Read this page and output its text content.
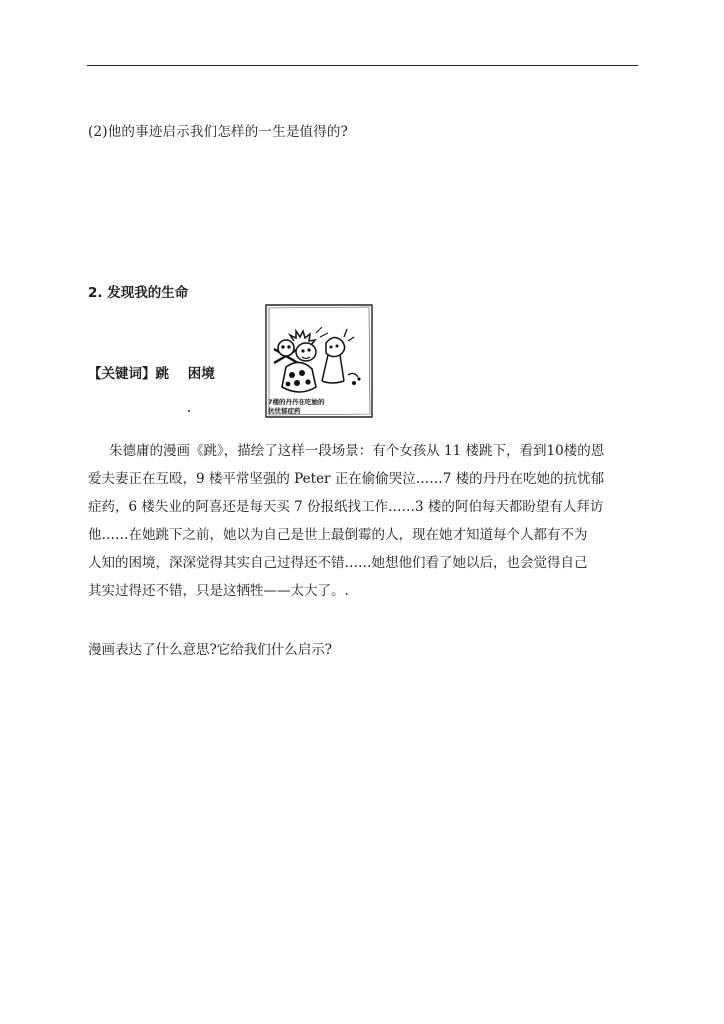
(2)他的事迹启示我们怎样的一生是值得的?
2. 发现我的生命
【关键词】跳    困境
7楼的丹丹在吃她的
抗忧郁症药
朱德庸的漫画《跳》，描绘了这样一段场景：有个女孩从 11 楼跳下，看到10楼的恩
爱夫妻正在互殴，9 楼平常坚强的 Peter 正在偷偷哭泣……7 楼的丹丹在吃她的抗忧郁
症药，6 楼失业的阿喜还是每天买 7 份报纸找工作……3 楼的阿伯每天都盼望有人拜访
他……在她跳下之前，她以为自己是世上最倒霉的人，现在她才知道每个人都有不为
人知的困境，深深觉得其实自己过得还不错……她想他们看了她以后，也会觉得自己
其实过得还不错，只是这牺牲——太大了。.
漫画表达了什么意思?它给我们什么启示?
